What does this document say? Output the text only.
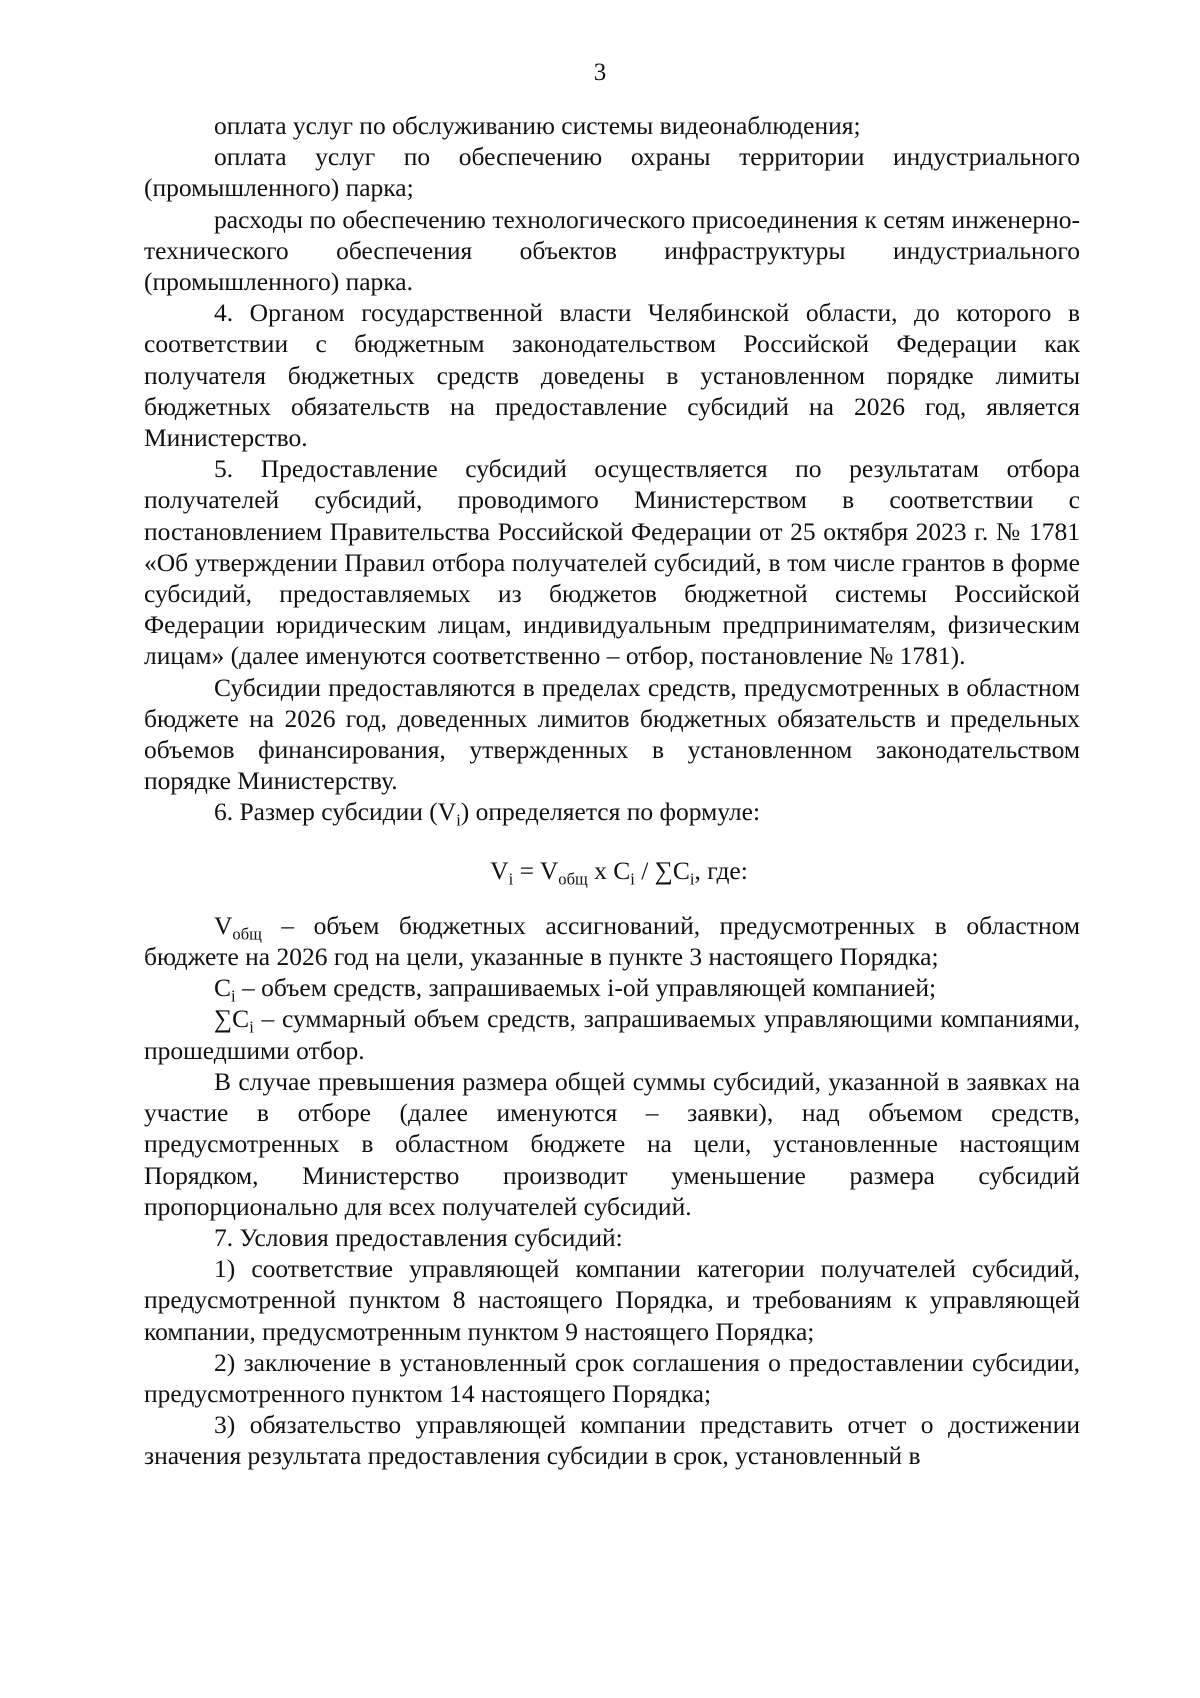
3

оплата услуг по обслуживанию системы видеонаблюдения;

оплата услуг по обеспечению охраны территории индустриального (промышленного) парка;

расходы по обеспечению технологического присоединения к сетям инженерно-технического обеспечения объектов инфраструктуры индустриального (промышленного) парка.

4. Органом государственной власти Челябинской области, до которого в соответствии с бюджетным законодательством Российской Федерации как получателя бюджетных средств доведены в установленном порядке лимиты бюджетных обязательств на предоставление субсидий на 2026 год, является Министерство.

5. Предоставление субсидий осуществляется по результатам отбора получателей субсидий, проводимого Министерством в соответствии с постановлением Правительства Российской Федерации от 25 октября 2023 г. № 1781 «Об утверждении Правил отбора получателей субсидий, в том числе грантов в форме субсидий, предоставляемых из бюджетов бюджетной системы Российской Федерации юридическим лицам, индивидуальным предпринимателям, физическим лицам» (далее именуются соответственно – отбор, постановление № 1781).

Субсидии предоставляются в пределах средств, предусмотренных в областном бюджете на 2026 год, доведенных лимитов бюджетных обязательств и предельных объемов финансирования, утвержденных в установленном законодательством порядке Министерству.

6. Размер субсидии $(V_i)$ определяется по формуле:

$V_i = V_{общ}$ x $C_i / \sum C_i$, где:

$V_{общ}$ – объем бюджетных ассигнований, предусмотренных в областном бюджете на 2026 год на цели, указанные в пункте 3 настоящего Порядка;

$C_i$ – объем средств, запрашиваемых i-ой управляющей компанией;

$\sum C_i$ – суммарный объем средств, запрашиваемых управляющими компаниями, прошедшими отбор.

В случае превышения размера общей суммы субсидий, указанной в заявках на участие в отборе (далее именуются – заявки), над объемом средств, предусмотренных в областном бюджете на цели, установленные настоящим Порядком, Министерство производит уменьшение размера субсидий пропорционально для всех получателей субсидий.

7. Условия предоставления субсидий:

1) соответствие управляющей компании категории получателей субсидий, предусмотренной пунктом 8 настоящего Порядка, и требованиям к управляющей компании, предусмотренным пунктом 9 настоящего Порядка;

2) заключение в установленный срок соглашения о предоставлении субсидии, предусмотренного пунктом 14 настоящего Порядка;

3) обязательство управляющей компании представить отчет о достижении значения результата предоставления субсидии в срок, установленный в
